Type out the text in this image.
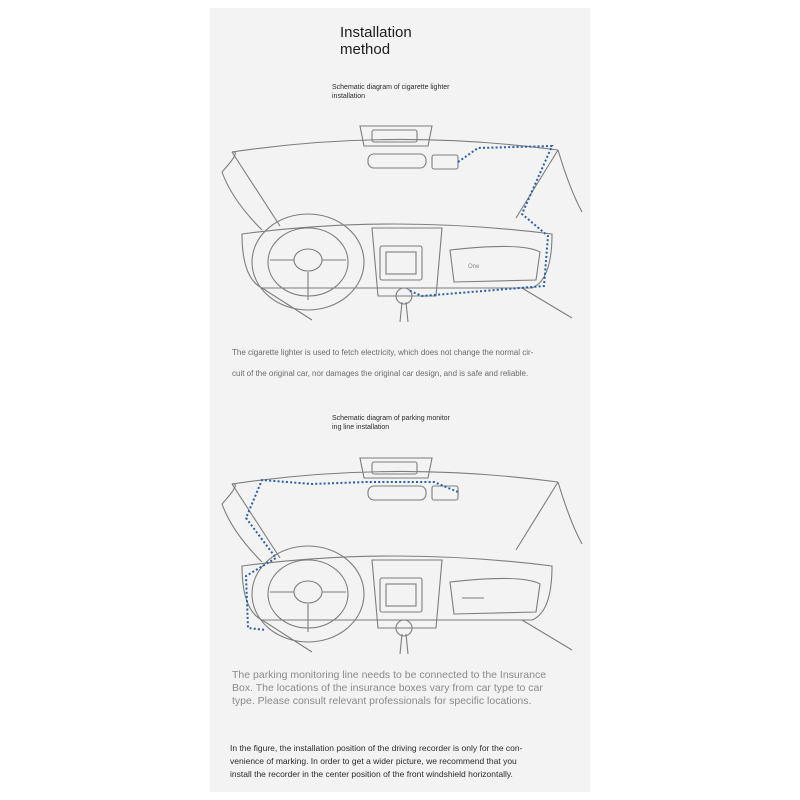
Installation
method
Schematic diagram of cigarette lighter
installation
One
The cigarette lighter is used to fetch electricity, which does not change the normal cir-
cuit of the original car, nor damages the original car design, and is safe and reliable.
Schematic diagram of parking monitor
ing line installation
The parking monitoring line needs to be connected to the Insurance
Box. The locations of the insurance boxes vary from car type to car
type. Please consult relevant professionals for specific locations.
In the figure, the installation position of the driving recorder is only for the con-
venience of marking. In order to get a wider picture, we recommend that you
install the recorder in the center position of the front windshield horizontally.
